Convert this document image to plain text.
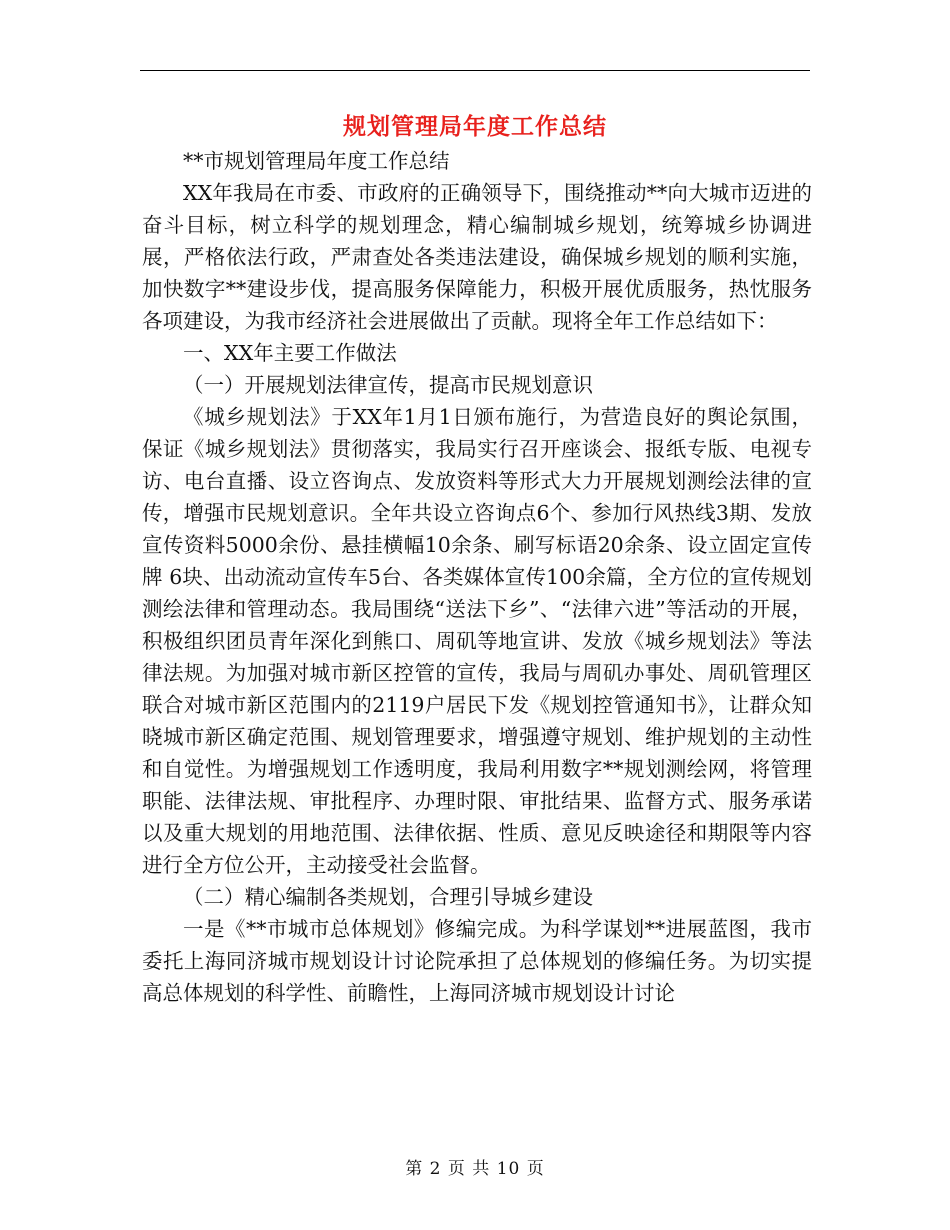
规划管理局年度工作总结

**市规划管理局年度工作总结

XX年我局在市委、市政府的正确领导下，围绕推动**向大城市迈进的奋斗目标，树立科学的规划理念，精心编制城乡规划，统筹城乡协调进展，严格依法行政，严肃查处各类违法建设，确保城乡规划的顺利实施，加快数字**建设步伐，提高服务保障能力，积极开展优质服务，热忱服务各项建设，为我市经济社会进展做出了贡献。现将全年工作总结如下：

一、XX年主要工作做法

（一）开展规划法律宣传，提高市民规划意识

《城乡规划法》于XX年1月1日颁布施行，为营造良好的舆论氛围，保证《城乡规划法》贯彻落实，我局实行召开座谈会、报纸专版、电视专访、电台直播、设立咨询点、发放资料等形式大力开展规划测绘法律的宣传，增强市民规划意识。全年共设立咨询点6个、参加行风热线3期、发放宣传资料5000余份、悬挂横幅10余条、刷写标语20余条、设立固定宣传牌 6块、出动流动宣传车5台、各类媒体宣传100余篇，全方位的宣传规划测绘法律和管理动态。我局围绕“送法下乡”、“法律六进”等活动的开展，积极组织团员青年深化到熊口、周矶等地宣讲、发放《城乡规划法》等法律法规。为加强对城市新区控管的宣传，我局与周矶办事处、周矶管理区联合对城市新区范围内的2119户居民下发《规划控管通知书》，让群众知晓城市新区确定范围、规划管理要求，增强遵守规划、维护规划的主动性和自觉性。为增强规划工作透明度，我局利用数字**规划测绘网，将管理职能、法律法规、审批程序、办理时限、审批结果、监督方式、服务承诺以及重大规划的用地范围、法律依据、性质、意见反映途径和期限等内容进行全方位公开，主动接受社会监督。

（二）精心编制各类规划，合理引导城乡建设

一是《**市城市总体规划》修编完成。为科学谋划**进展蓝图，我市委托上海同济城市规划设计讨论院承担了总体规划的修编任务。为切实提高总体规划的科学性、前瞻性，上海同济城市规划设计讨论

第 2 页 共 10 页
